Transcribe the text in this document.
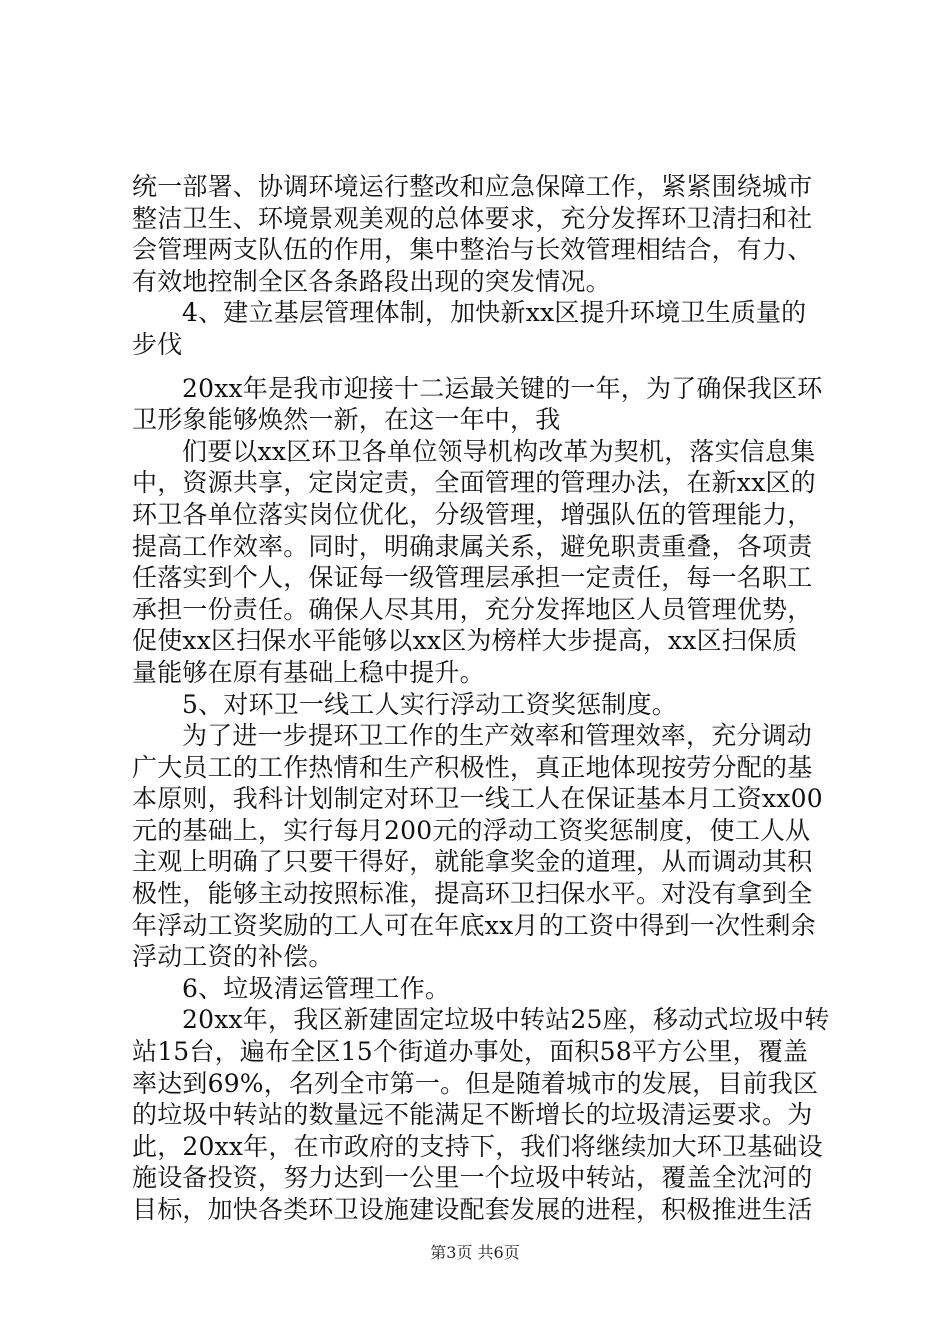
统一部署、协调环境运行整改和应急保障工作，紧紧围绕城市
整洁卫生、环境景观美观的总体要求，充分发挥环卫清扫和社
会管理两支队伍的作用，集中整治与长效管理相结合，有力、
有效地控制全区各条路段出现的突发情况。
4、建立基层管理体制，加快新xx区提升环境卫生质量的
步伐
20xx年是我市迎接十二运最关键的一年，为了确保我区环
卫形象能够焕然一新，在这一年中，我
们要以xx区环卫各单位领导机构改革为契机，落实信息集
中，资源共享，定岗定责，全面管理的管理办法，在新xx区的
环卫各单位落实岗位优化，分级管理，增强队伍的管理能力，
提高工作效率。同时，明确隶属关系，避免职责重叠，各项责
任落实到个人，保证每一级管理层承担一定责任，每一名职工
承担一份责任。确保人尽其用，充分发挥地区人员管理优势，
促使xx区扫保水平能够以xx区为榜样大步提高，xx区扫保质
量能够在原有基础上稳中提升。
5、对环卫一线工人实行浮动工资奖惩制度。
为了进一步提环卫工作的生产效率和管理效率，充分调动
广大员工的工作热情和生产积极性，真正地体现按劳分配的基
本原则，我科计划制定对环卫一线工人在保证基本月工资xx00
元的基础上，实行每月200元的浮动工资奖惩制度，使工人从
主观上明确了只要干得好，就能拿奖金的道理，从而调动其积
极性，能够主动按照标准，提高环卫扫保水平。对没有拿到全
年浮动工资奖励的工人可在年底xx月的工资中得到一次性剩余
浮动工资的补偿。
6、垃圾清运管理工作。
20xx年，我区新建固定垃圾中转站25座，移动式垃圾中转
站15台，遍布全区15个街道办事处，面积58平方公里，覆盖
率达到69%，名列全市第一。但是随着城市的发展，目前我区
的垃圾中转站的数量远不能满足不断增长的垃圾清运要求。为
此，20xx年，在市政府的支持下，我们将继续加大环卫基础设
施设备投资，努力达到一公里一个垃圾中转站，覆盖全沈河的
目标，加快各类环卫设施建设配套发展的进程，积极推进生活
第3页 共6页
